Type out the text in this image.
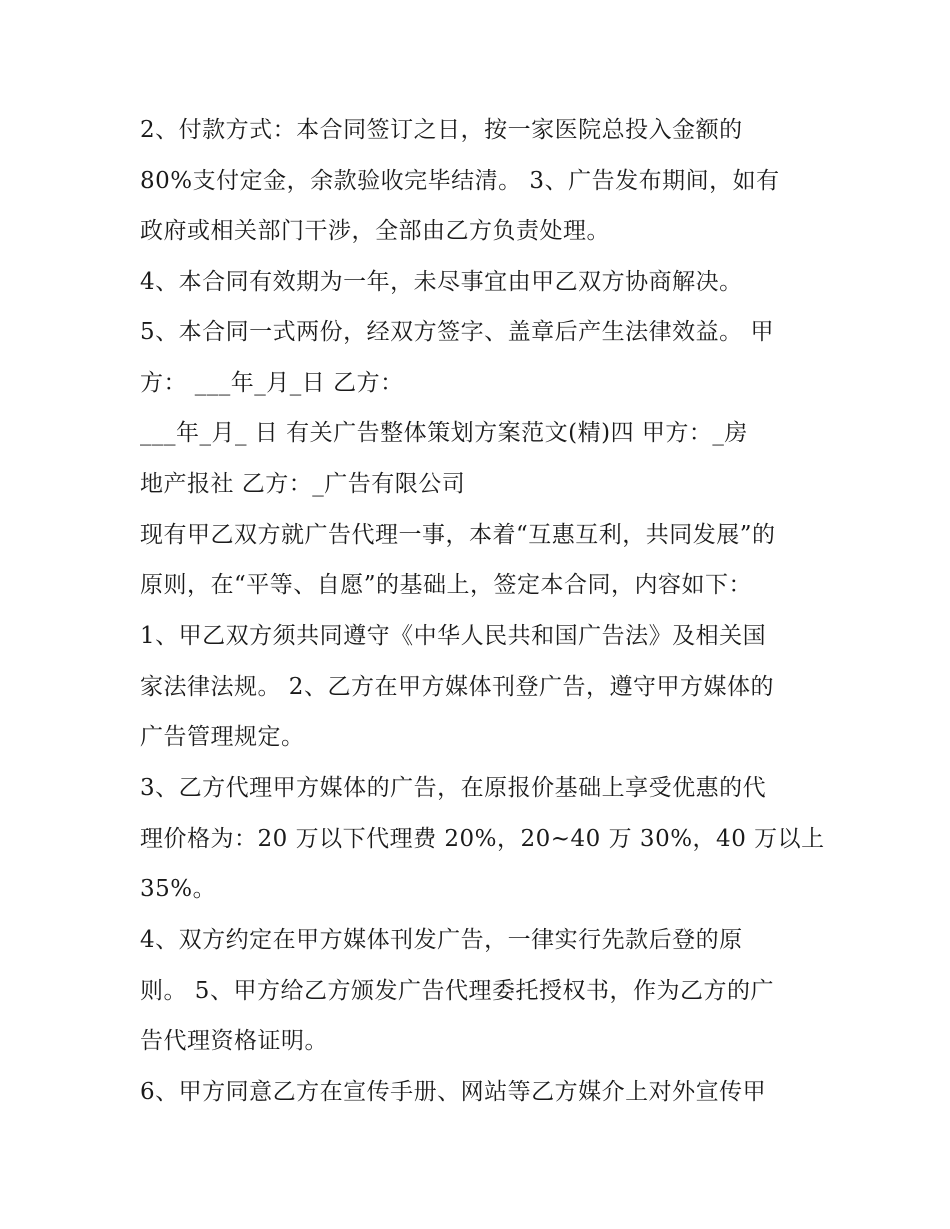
2、付款方式：本合同签订之日，按一家医院总投入金额的
80%支付定金，余款验收完毕结清。 3、广告发布期间，如有
政府或相关部门干涉，全部由乙方负责处理。
4、本合同有效期为一年，未尽事宜由甲乙双方协商解决。
5、本合同一式两份，经双方签字、盖章后产生法律效益。 甲
方： ___年_月_日 乙方：
___年_月_ 日 有关广告整体策划方案范文(精)四 甲方：_房
地产报社 乙方：_广告有限公司
现有甲乙双方就广告代理一事，本着“互惠互利，共同发展”的
原则，在“平等、自愿”的基础上，签定本合同，内容如下：
1、甲乙双方须共同遵守《中华人民共和国广告法》及相关国
家法律法规。 2、乙方在甲方媒体刊登广告，遵守甲方媒体的
广告管理规定。
3、乙方代理甲方媒体的广告，在原报价基础上享受优惠的代
理价格为：20 万以下代理费 20%，20~40 万 30%，40 万以上
35%。
4、双方约定在甲方媒体刊发广告，一律实行先款后登的原
则。 5、甲方给乙方颁发广告代理委托授权书，作为乙方的广
告代理资格证明。
6、甲方同意乙方在宣传手册、网站等乙方媒介上对外宣传甲
